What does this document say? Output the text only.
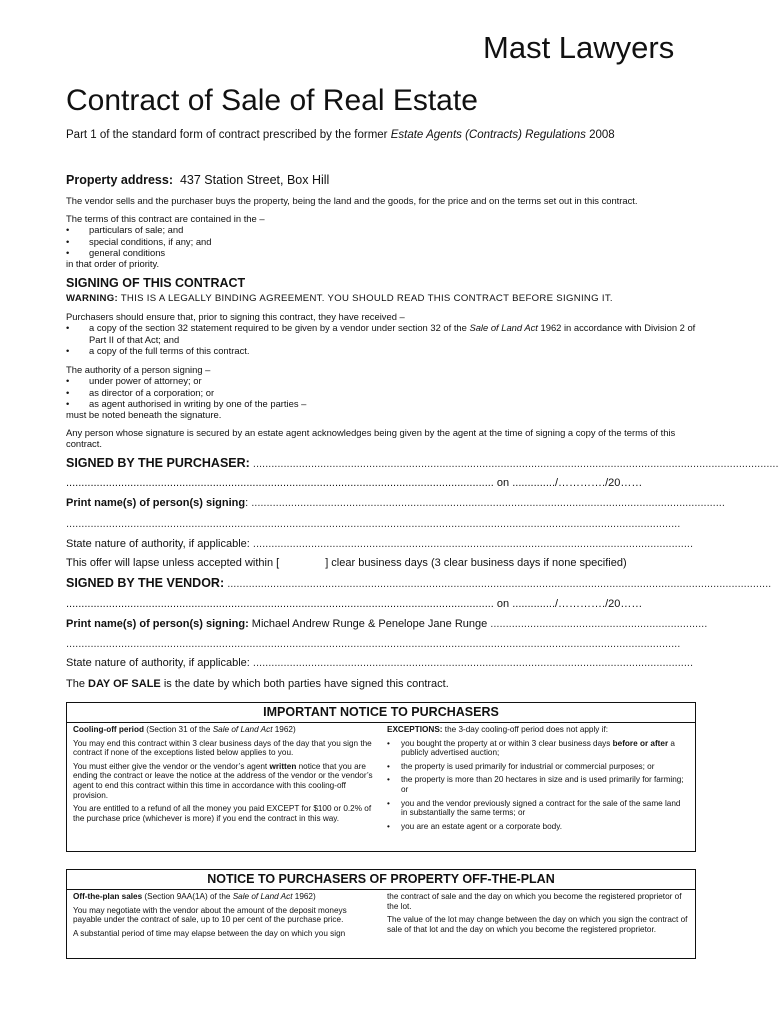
Mast Lawyers
Contract of Sale of Real Estate
Part 1 of the standard form of contract prescribed by the former Estate Agents (Contracts) Regulations 2008
Property address: 437 Station Street, Box Hill
The vendor sells and the purchaser buys the property, being the land and the goods, for the price and on the terms set out in this contract.
The terms of this contract are contained in the –
• particulars of sale; and
• special conditions, if any; and
• general conditions
in that order of priority.
SIGNING OF THIS CONTRACT
WARNING: THIS IS A LEGALLY BINDING AGREEMENT. YOU SHOULD READ THIS CONTRACT BEFORE SIGNING IT.
Purchasers should ensure that, prior to signing this contract, they have received –
• a copy of the section 32 statement required to be given by a vendor under section 32 of the Sale of Land Act 1962 in accordance with Division 2 of Part II of that Act; and
• a copy of the full terms of this contract.
The authority of a person signing –
• under power of attorney; or
• as director of a corporation; or
• as agent authorised in writing by one of the parties –
must be noted beneath the signature.
Any person whose signature is secured by an estate agent acknowledges being given by the agent at the time of signing a copy of the terms of this contract.
SIGNED BY THE PURCHASER: ............................................................................................................................................................................
............................................................................................................................................ on ............../…………./20……
Print name(s) of person(s) signing: ...........................................................................................................................................................
.........................................................................................................................................................................................................
State nature of authority, if applicable: ................................................................................................................................................
This offer will lapse unless accepted within [	] clear business days (3 clear business days if none specified)
SIGNED BY THE VENDOR: ..................................................................................................................................................................................
............................................................................................................................................ on ............../…………./20……
Print name(s) of person(s) signing: Michael Andrew Runge & Penelope Jane Runge .......................................................................
.........................................................................................................................................................................................................
State nature of authority, if applicable: ................................................................................................................................................
The DAY OF SALE is the date by which both parties have signed this contract.
IMPORTANT NOTICE TO PURCHASERS

Cooling-off period (Section 31 of the Sale of Land Act 1962)

You may end this contract within 3 clear business days of the day that you sign the contract if none of the exceptions listed below applies to you.

You must either give the vendor or the vendor’s agent written notice that you are ending the contract or leave the notice at the address of the vendor or the vendor’s agent to end this contract within this time in accordance with this cooling-off provision.

You are entitled to a refund of all the money you paid EXCEPT for $100 or 0.2% of the purchase price (whichever is more) if you end the contract in this way.

EXCEPTIONS: the 3-day cooling-off period does not apply if:

• you bought the property at or within 3 clear business days before or after a publicly advertised auction;
• the property is used primarily for industrial or commercial purposes; or
• the property is more than 20 hectares in size and is used primarily for farming; or
• you and the vendor previously signed a contract for the sale of the same land in substantially the same terms; or
• you are an estate agent or a corporate body.
NOTICE TO PURCHASERS OF PROPERTY OFF-THE-PLAN

Off-the-plan sales (Section 9AA(1A) of the Sale of Land Act 1962)

You may negotiate with the vendor about the amount of the deposit moneys payable under the contract of sale, up to 10 per cent of the purchase price.

A substantial period of time may elapse between the day on which you sign

the contract of sale and the day on which you become the registered proprietor of the lot.

The value of the lot may change between the day on which you sign the contract of sale of that lot and the day on which you become the registered proprietor.
